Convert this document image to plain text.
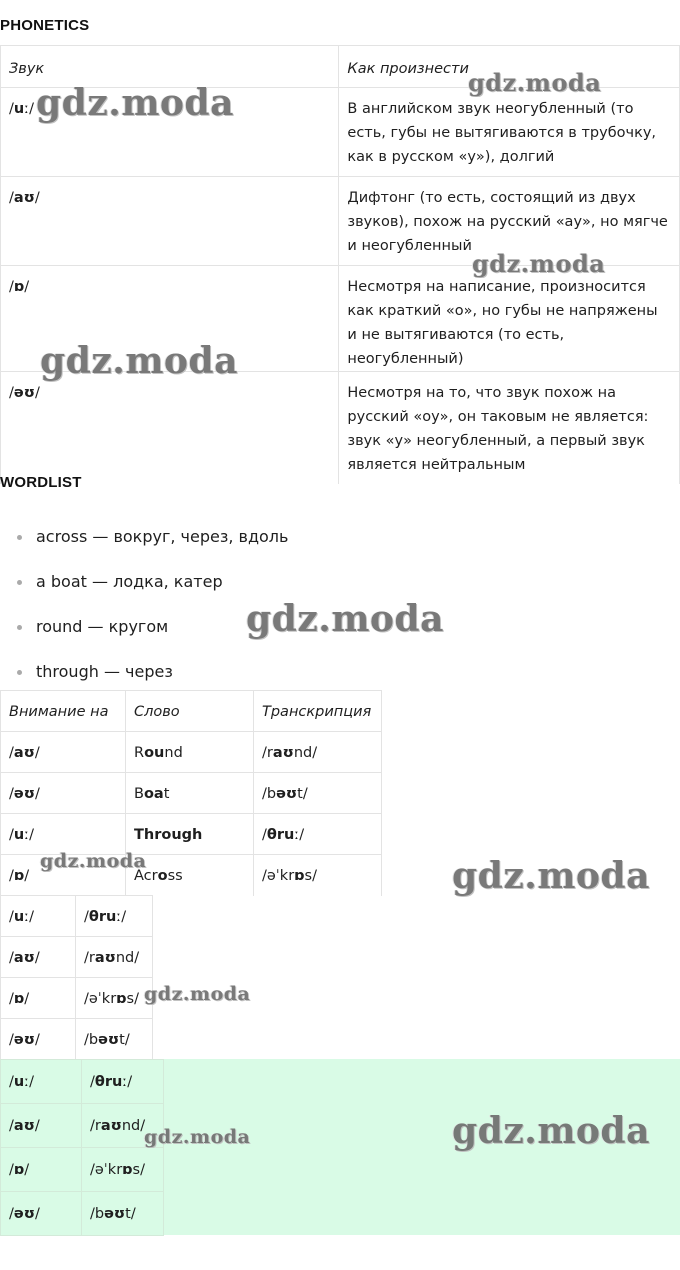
PHONETICS
Звук	Как произнести
/uː/	В английском звук неогубленный (то есть, губы не вытягиваются в трубочку, как в русском «у»), долгий
/aʊ/	Дифтонг (то есть, состоящий из двух звуков), похож на русский «ау», но мягче и неогубленный
/ɒ/	Несмотря на написание, произносится как краткий «о», но губы не напряжены и не вытягиваются (то есть, неогубленный)
/əʊ/	Несмотря на то, что звук похож на русский «оу», он таковым не является: звук «у» неогубленный, а первый звук является нейтральным
WORDLIST
across — вокруг, через, вдоль
a boat — лодка, катер
round — кругом
through — через
Внимание на	Слово	Транскрипция
/aʊ/	Round	/raʊnd/
/əʊ/	Boat	/bəʊt/
/uː/	Through	/θruː/
/ɒ/	Across	/əˈkrɒs/
/uː/	/θruː/
/aʊ/	/raʊnd/
/ɒ/	/əˈkrɒs/
/əʊ/	/bəʊt/
/uː/	/θruː/
/aʊ/	/raʊnd/
/ɒ/	/əˈkrɒs/
/əʊ/	/bəʊt/
gdz.moda	gdz.moda
gdz.moda
gdz.moda
gdz.moda
gdz.moda	gdz.moda
gdz.moda
gdz.moda
gdz.moda
